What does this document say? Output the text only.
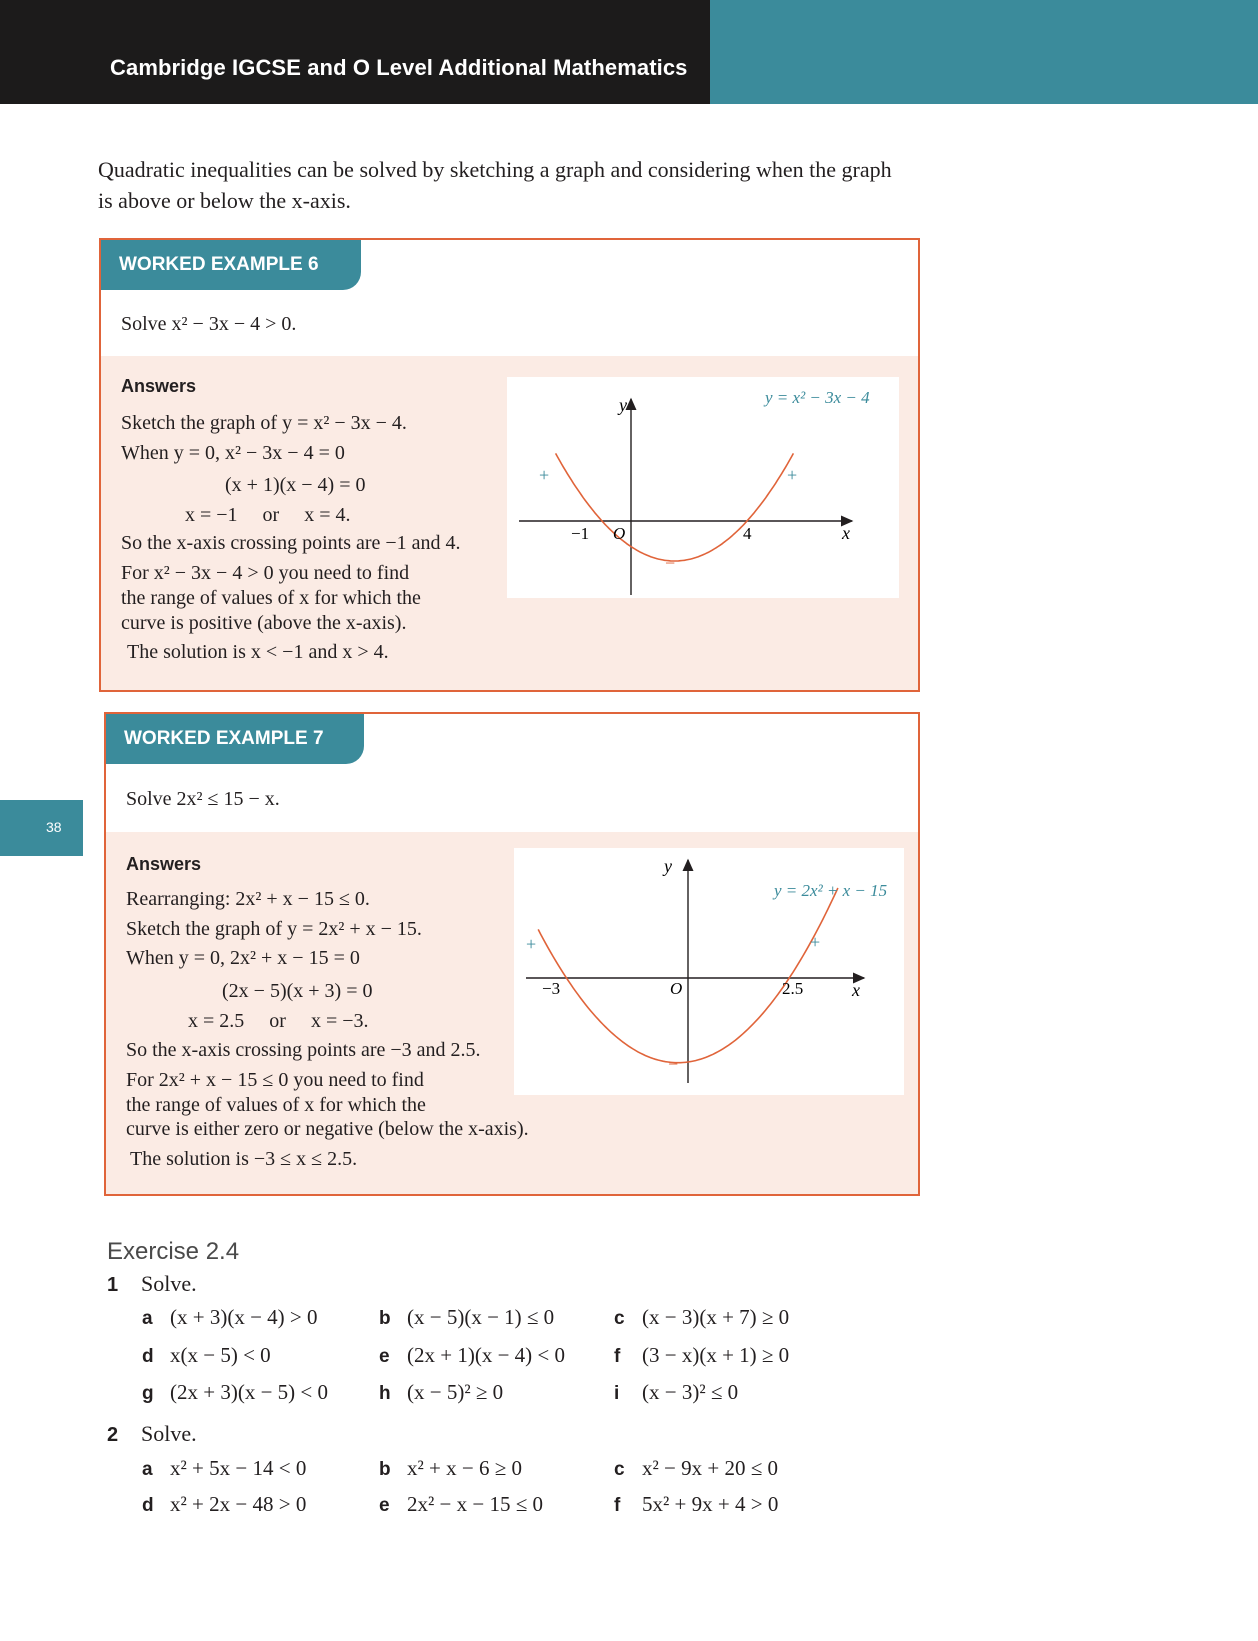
Cambridge IGCSE and O Level Additional Mathematics

Quadratic inequalities can be solved by sketching a graph and considering when the graph is above or below the x-axis.

WORKED EXAMPLE 6
Solve x² − 3x − 4 > 0.
Answers
Sketch the graph of y = x² − 3x − 4.
When y = 0, x² − 3x − 4 = 0
(x + 1)(x − 4) = 0
x = −1     or     x = 4.
So the x-axis crossing points are −1 and 4.
For x² − 3x − 4 > 0 you need to find
the range of values of x for which the
curve is positive (above the x-axis).
The solution is x < −1 and x > 4.
y
x
O
−1	4
+	+
−
y = x² − 3x − 4
WORKED EXAMPLE 7
Solve 2x² ≤ 15 − x.
Answers
Rearranging: 2x² + x − 15 ≤ 0.
Sketch the graph of y = 2x² + x − 15.
When y = 0, 2x² + x − 15 = 0
(2x − 5)(x + 3) = 0
x = 2.5     or     x = −3.
So the x-axis crossing points are −3 and 2.5.
For 2x² + x − 15 ≤ 0 you need to find
the range of values of x for which the
curve is either zero or negative (below the x-axis).
The solution is −3 ≤ x ≤ 2.5.
y
x
O
−3	2.5
+	+
−
y = 2x² + x − 15
38
Exercise 2.4
1 Solve.
a (x + 3)(x − 4) > 0	b (x − 5)(x − 1) ≤ 0	c (x − 3)(x + 7) ≥ 0
d x(x − 5) < 0	e (2x + 1)(x − 4) < 0	f (3 − x)(x + 1) ≥ 0
g (2x + 3)(x − 5) < 0	h (x − 5)² ≥ 0	i (x − 3)² ≤ 0
2 Solve.
a x² + 5x − 14 < 0	b x² + x − 6 ≥ 0	c x² − 9x + 20 ≤ 0
d x² + 2x − 48 > 0	e 2x² − x − 15 ≤ 0	f 5x² + 9x + 4 > 0
